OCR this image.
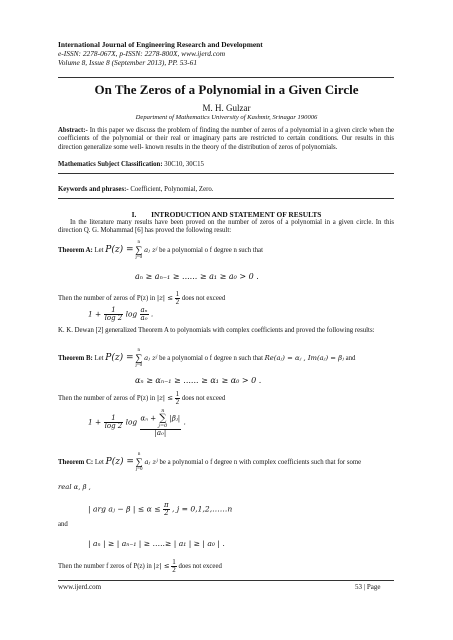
International Journal of Engineering Research and Development
e-ISSN: 2278-067X, p-ISSN: 2278-800X, www.ijerd.com
Volume 8, Issue 8 (September 2013), PP. 53-61
On The Zeros of a Polynomial in a Given Circle
M. H. Gulzar
Department of Mathematics University of Kashmir, Srinagar 190006
Abstract:- In this paper we discuss the problem of finding the number of zeros of a polynomial in a given circle when the coefficients of the polynomial or their real or imaginary parts are restricted to certain conditions. Our results in this direction generalize some well- known results in the theory of the distribution of zeros of polynomials.
Mathematics Subject Classification: 30C10, 30C15
Keywords and phrases:- Coefficient, Polynomial, Zero.
I.        INTRODUCTION AND STATEMENT OF RESULTS
In the literature many results have been proved on the number of zeros of a polynomial in a given circle. In this direction Q. G. Mohammad [6] has proved the following result:
Theorem A: Let P(z) =
n
∑
j=0
aⱼ zʲ be a polynomial o f degree n such that
aₙ ≥ aₙ₋₁ ≥ ...... ≥ a₁ ≥ a₀ > 0 .
Then the number of zeros of P(z) in $|z| \le \frac{1}{2}$ does not exceed
$1 + \frac{1}{\log 2}$ $\log \frac{\text{aₙ}}{\text{a₀}}$ .
K. K. Dewan [2] generalized Theorem A to polynomials with complex coefficients and proved the following results:
Theorem B: Let P(z) =
n
∑
j=0
aⱼ zʲ be a polynomial o f degree n such that Re(aⱼ) = αⱼ , Im(aⱼ) = βⱼ and
αₙ ≥ αₙ₋₁ ≥ ...... ≥ α₁ ≥ α₀ > 0 .
Then the number of zeros of P(z) in $|z| \le \frac{1}{2}$ does not exceed
$1 + \frac{1}{\log 2}$ log αₙ +
n
∑
j=0
|βⱼ|
|a₀|
.
Theorem C: Let P(z) =
n
∑
j=0
aⱼ zʲ be a polynomial o f degree n with complex coefficients such that for some
real α, β ,
| arg aⱼ − β | ≤ $\alpha \le \frac{\pi}{2}$ , j = 0,1,2,……n
and
| aₙ | ≥ | aₙ₋₁ | ≥ …..≥ | a₁ | ≥ | a₀ | .
Then the number f zeros of P(z) in $|z| \le \frac{1}{2}$ does not exceed
www.ijerd.com	53 | Page
